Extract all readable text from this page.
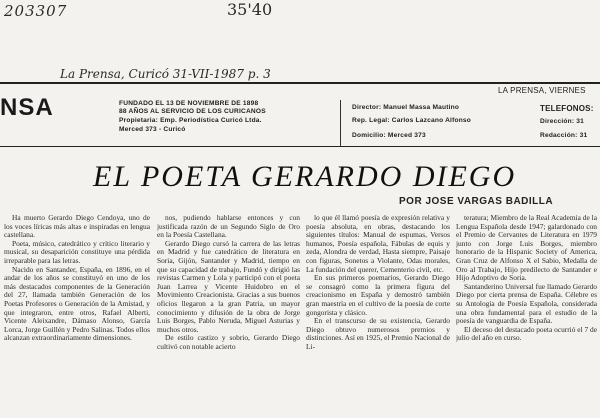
203307	35'40
La Prensa, Curicó 31-VII-1987 p. 3
NSA
LA PRENSA, VIERNES
FUNDADO EL 13 DE NOVIEMBRE DE 1898
88 AÑOS AL SERVICIO DE LOS CURICANOS
Propietaria: Emp. Periodística Curicó Ltda.
Merced 373 - Curicó
Director: Manuel Massa Mautino
Rep. Legal: Carlos Lazcano Alfonso
Domicilio: Merced 373
TELEFONOS:
Dirección: 31
Redacción: 31
EL POETA GERARDO DIEGO
POR JOSE VARGAS BADILLA

Ha muerto Gerardo Diego Cendoya, uno de los voces líricas más altas e inspiradas en lengua castellana.

Poeta, músico, catedrático y crítico literario y musical, su desaparición constituye una pérdida irreparable para las letras.

Nacido en Santander, España, en 1896, en el andar de los años se constituyó en uno de los más destacados componentes de la Generación del 27, llamada también Generación de los Poetas Profesores o Generación de la Amistad, y que integraron, entre otros, Rafael Alberti, Vicente Aleixandre, Dámaso Alonso, García Lorca, Jorge Guillén y Pedro Salinas. Todos ellos alcanzan extraordinariamente dimensiones.

nos, pudiendo hablarse entonces y con justificada razón de un Segundo Siglo de Oro en la Poesía Castellana.

Gerardo Diego cursó la carrera de las letras en Madrid y fue catedrático de literatura en Soria, Gijón, Santander y Madrid, tiempo en que su capacidad de trabajo, Fundó y dirigió las revistas Carmen y Lola y participó con el poeta Juan Larrea y Vicente Huidobro en el Movimiento Creacionista. Gracias a sus buenos oficios llegaron a la gran Patria, un mayor conocimiento y difusión de la obra de Jorge Luis Borges, Pablo Neruda, Miguel Asturias y muchos otros.

De estilo castizo y sobrio, Gerardo Diego cultivó con notable acierto

lo que él llamó poesía de expresión relativa y poesía absoluta, en obras, destacando los siguientes títulos: Manual de espumas, Versos humanos, Poesía española, Fábulas de equis y zeda, Alondra de verdad, Hasta siempre, Paisaje con figuras, Sonetos a Violante, Odas morales, La fundación del querer, Cementerio civil, etc.

En sus primeros poemarios, Gerardo Diego se consagró como la primera figura del creacionismo en España y demostró también gran maestría en el cultivo de la poesía de corte gongorista y clásico.

En el transcurso de su existencia, Gerardo Diego obtuvo numerosos premios y distinciones. Así en 1925, el Premio Nacional de Li-

teratura; Miembro de la Real Academia de la Lengua Española desde 1947; galardonado con el Premio de Cervantes de Literatura en 1979 junto con Jorge Luis Borges, miembro honorario de la Hispanic Society of America, Gran Cruz de Alfonso X el Sabio, Medalla de Oro al Trabajo, Hijo predilecto de Santander e Hijo Adoptivo de Soria.

Santanderino Universal fue llamado Gerardo Diego por cierta prensa de España. Célebre es su Antología de Poesía Española, considerada una obra fundamental para el estudio de la poesía de vanguardia de España.

El deceso del destacado poeta ocurrió el 7 de julio del año en curso.
